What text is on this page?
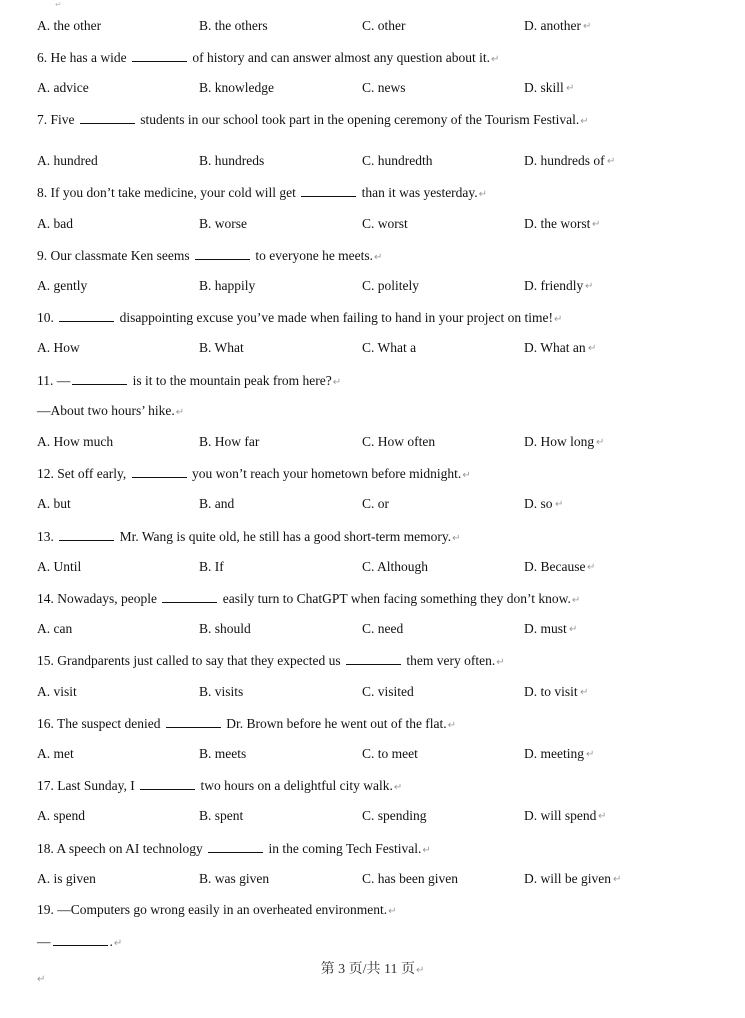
↵
A. the other	B. the others	C. other	D. another ↵
6. He has a wide	of history and can answer almost any question about it.↵
A. advice	B. knowledge	C. news	D. skill ↵
7. Five	students in our school took part in the opening ceremony of the Tourism Festival.↵
A. hundred	B. hundreds	C. hundredth	D. hundreds of ↵
8. If you don’t take medicine, your cold will get	than it was yesterday.↵
A. bad	B. worse	C. worst	D. the worst ↵
9. Our classmate Ken seems	to everyone he meets.↵
A. gently	B. happily	C. politely	D. friendly ↵
10.	disappointing excuse you’ve made when failing to hand in your project on time!↵
A. How	B. What	C. What a	D. What an ↵
11. —	is it to the mountain peak from here?↵
—About two hours’ hike.↵
A. How much	B. How far	C. How often	D. How long ↵
12. Set off early,	you won’t reach your hometown before midnight.↵
A. but	B. and	C. or	D. so ↵
13.	Mr. Wang is quite old, he still has a good short-term memory.↵
A. Until	B. If	C. Although	D. Because ↵
14. Nowadays, people	easily turn to ChatGPT when facing something they don’t know.↵
A. can	B. should	C. need	D. must ↵
15. Grandparents just called to say that they expected us	them very often.↵
A. visit	B. visits	C. visited	D. to visit ↵
16. The suspect denied	Dr. Brown before he went out of the flat.↵
A. met	B. meets	C. to meet	D. meeting ↵
17. Last Sunday, I	two hours on a delightful city walk.↵
A. spend	B. spent	C. spending	D. will spend ↵
18. A speech on AI technology	in the coming Tech Festival.↵
A. is given	B. was given	C. has been given	D. will be given ↵
19. —Computers go wrong easily in an overheated environment.↵
—	.↵
第 3 页/共 11 页↵
↵
